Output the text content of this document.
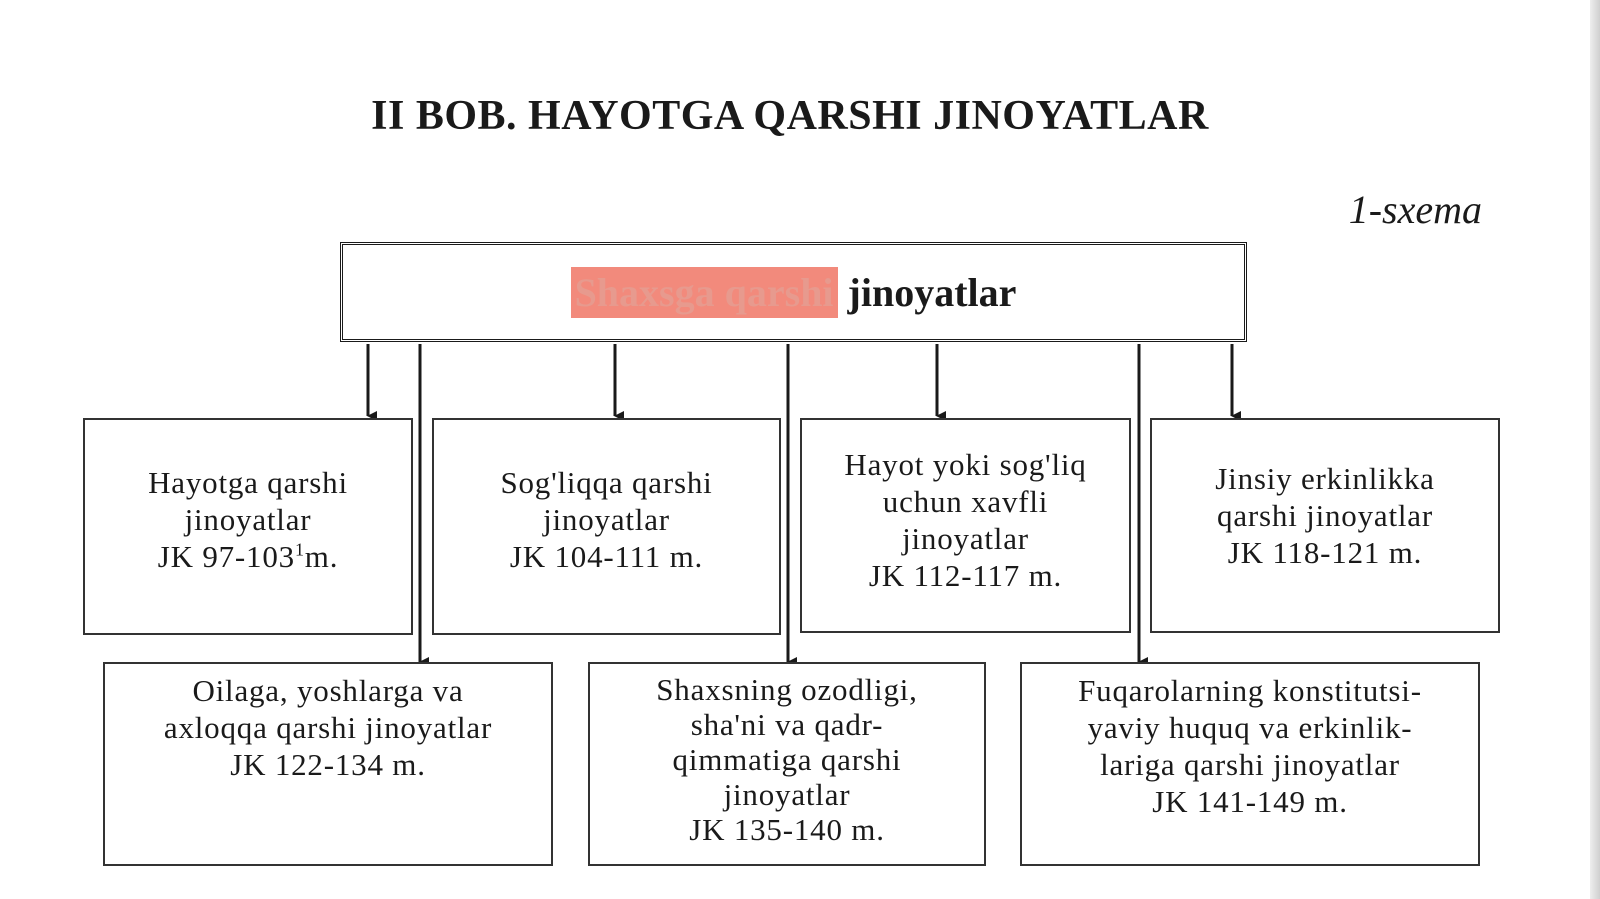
II BOB. HAYOTGA QARSHI JINOYATLAR
1-sxema
Shaxsga qarshi jinoyatlar
Hayotga qarshi
jinoyatlar
JK $97-103^1m$.
Sog'liqqa qarshi
jinoyatlar
JK 104-111 m.
Hayot yoki sog'liq
uchun xavfli
jinoyatlar
JK 112-117 m.
Jinsiy erkinlikka
qarshi jinoyatlar
JK 118-121 m.
Oilaga, yoshlarga va
axloqqa qarshi jinoyatlar
JK 122-134 m.
Shaxsning ozodligi,
sha'ni va qadr-
qimmatiga qarshi
jinoyatlar
JK 135-140 m.
Fuqarolarning konstitutsi-
yaviy huquq va erkinlik-
lariga qarshi jinoyatlar
JK 141-149 m.
